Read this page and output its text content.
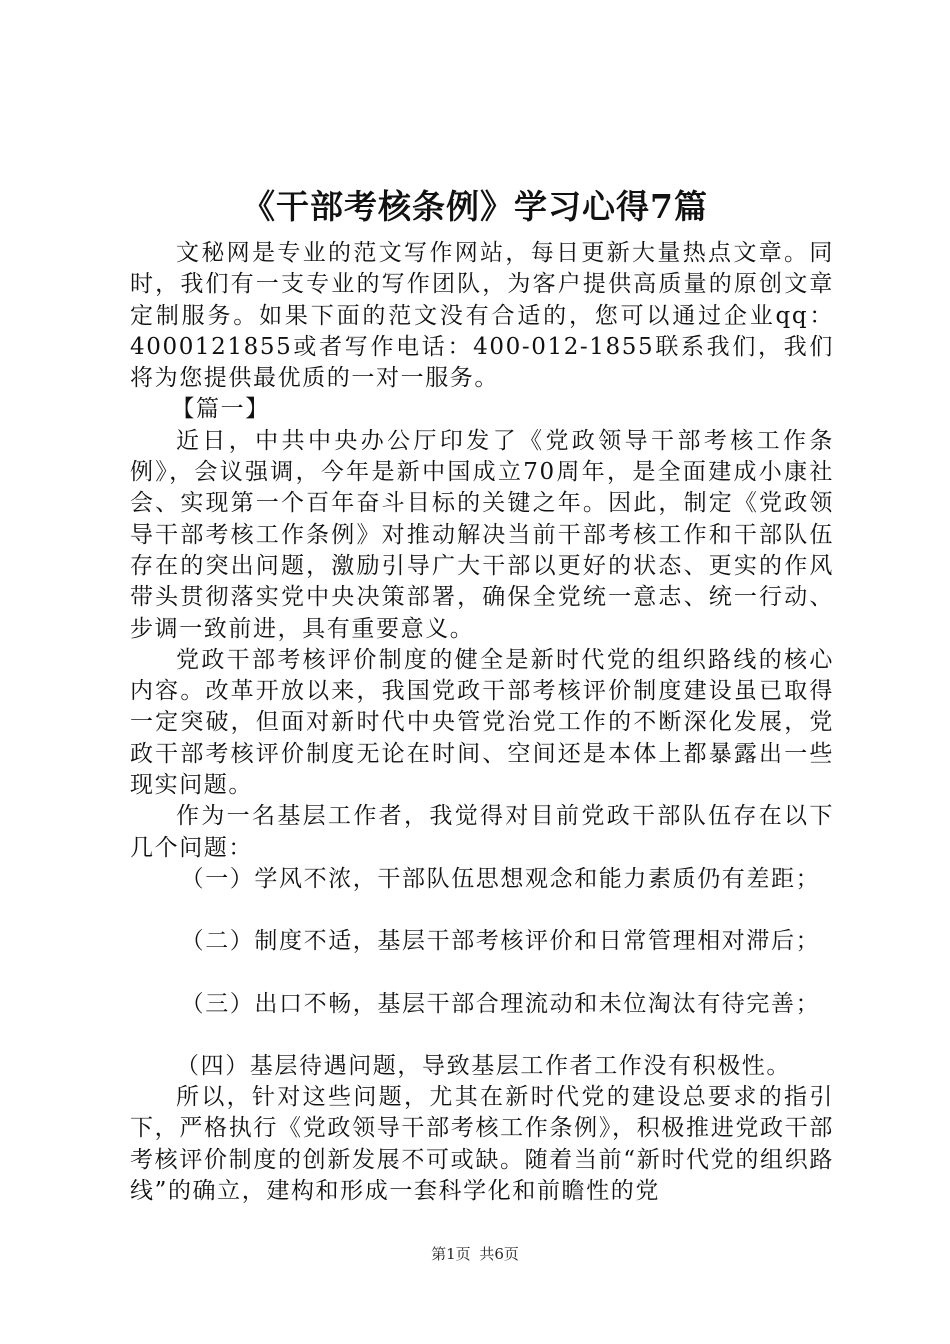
《干部考核条例》学习心得7篇

文秘网是专业的范文写作网站，每日更新大量热点文章。同时，我们有一支专业的写作团队，为客户提供高质量的原创文章定制服务。如果下面的范文没有合适的，您可以通过企业qq：4000121855或者写作电话：400-012-1855联系我们，我们将为您提供最优质的一对一服务。

【篇一】

近日，中共中央办公厅印发了《党政领导干部考核工作条例》，会议强调，今年是新中国成立70周年，是全面建成小康社会、实现第一个百年奋斗目标的关键之年。因此，制定《党政领导干部考核工作条例》对推动解决当前干部考核工作和干部队伍存在的突出问题，激励引导广大干部以更好的状态、更实的作风带头贯彻落实党中央决策部署，确保全党统一意志、统一行动、步调一致前进，具有重要意义。

党政干部考核评价制度的健全是新时代党的组织路线的核心内容。改革开放以来，我国党政干部考核评价制度建设虽已取得一定突破，但面对新时代中央管党治党工作的不断深化发展，党政干部考核评价制度无论在时间、空间还是本体上都暴露出一些现实问题。

作为一名基层工作者，我觉得对目前党政干部队伍存在以下几个问题：

（一）学风不浓，干部队伍思想观念和能力素质仍有差距；

（二）制度不适，基层干部考核评价和日常管理相对滞后；

（三）出口不畅，基层干部合理流动和未位淘汰有待完善；

（四）基层待遇问题，导致基层工作者工作没有积极性。

所以，针对这些问题，尤其在新时代党的建设总要求的指引下，严格执行《党政领导干部考核工作条例》，积极推进党政干部考核评价制度的创新发展不可或缺。随着当前“新时代党的组织路线”的确立，建构和形成一套科学化和前瞻性的党

第1页 共6页
